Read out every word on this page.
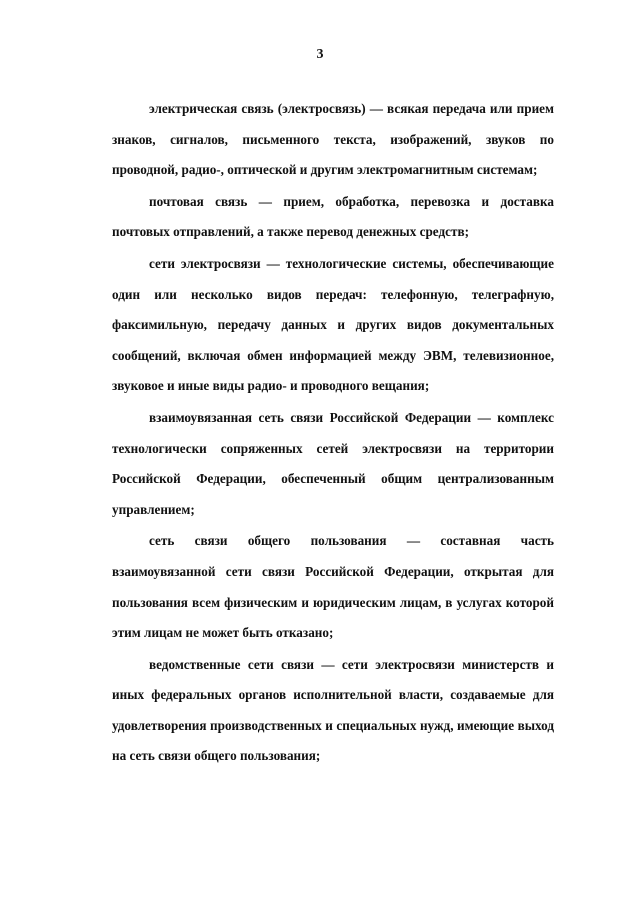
3

электрическая связь (электросвязь) — всякая передача или прием знаков, сигналов, письменного текста, изображений, звуков по проводной, радио-, оптической и другим электромагнитным системам;

почтовая связь — прием, обработка, перевозка и доставка почтовых отправлений, а также перевод денежных средств;

сети электросвязи — технологические системы, обеспечивающие один или несколько видов передач: телефонную, телеграфную, факсимильную, передачу данных и других видов документальных сообщений, включая обмен информацией между ЭВМ, телевизионное, звуковое и иные виды радио- и проводного вещания;

взаимоувязанная сеть связи Российской Федерации — комплекс технологически сопряженных сетей электросвязи на территории Российской Федерации, обеспеченный общим централизованным управлением;

сеть связи общего пользования — составная часть взаимоувязанной сети связи Российской Федерации, открытая для пользования всем физическим и юридическим лицам, в услугах которой этим лицам не может быть отказано;

ведомственные сети связи — сети электросвязи министерств и иных федеральных органов исполнительной власти, создаваемые для удовлетворения производственных и специальных нужд, имеющие выход на сеть связи общего пользования;
